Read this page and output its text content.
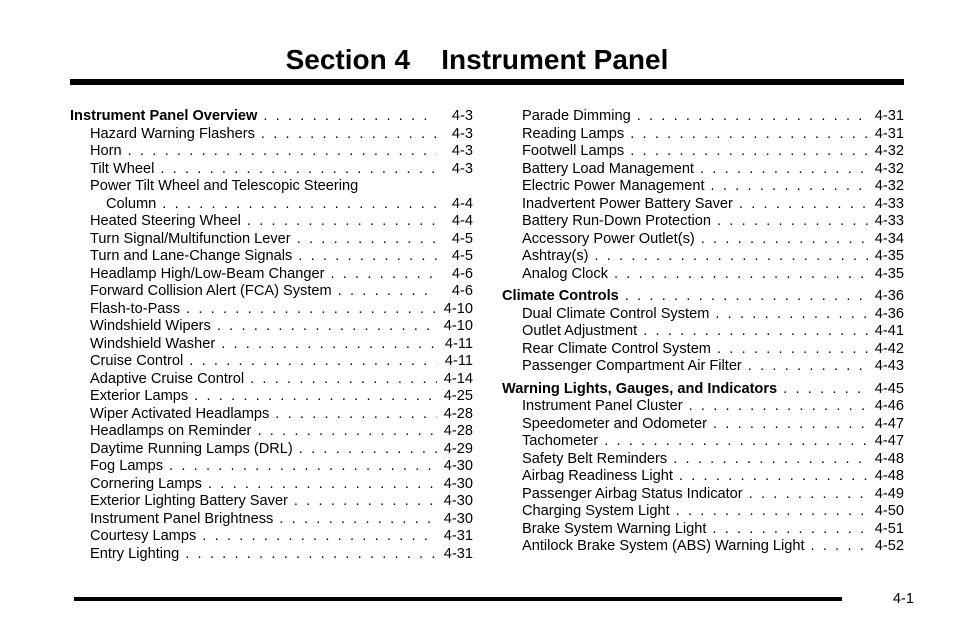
Section 4    Instrument Panel
Instrument Panel Overview . . .	4-3
Hazard Warning Flashers . . .	4-3
Horn . . .	4-3
Tilt Wheel . . .	4-3
Power Tilt Wheel and Telescopic Steering
Column . . .	4-4
Heated Steering Wheel . . .	4-4
Turn Signal/Multifunction Lever . . .	4-5
Turn and Lane-Change Signals . . .	4-5
Headlamp High/Low-Beam Changer . . .	4-6
Forward Collision Alert (FCA) System . . .	4-6
Flash-to-Pass . . .	4-10
Windshield Wipers . . .	4-10
Windshield Washer . . .	4-11
Cruise Control . . .	4-11
Adaptive Cruise Control . . .	4-14
Exterior Lamps . . .	4-25
Wiper Activated Headlamps . . .	4-28
Headlamps on Reminder . . .	4-28
Daytime Running Lamps (DRL) . . .	4-29
Fog Lamps . . .	4-30
Cornering Lamps . . .	4-30
Exterior Lighting Battery Saver . . .	4-30
Instrument Panel Brightness . . .	4-30
Courtesy Lamps . . .	4-31
Entry Lighting . . .	4-31
Parade Dimming . . .	4-31
Reading Lamps . . .	4-31
Footwell Lamps . . .	4-32
Battery Load Management . . .	4-32
Electric Power Management . . .	4-32
Inadvertent Power Battery Saver . . .	4-33
Battery Run-Down Protection . . .	4-33
Accessory Power Outlet(s) . . .	4-34
Ashtray(s) . . .	4-35
Analog Clock . . .	4-35
Climate Controls . . .	4-36
Dual Climate Control System . . .	4-36
Outlet Adjustment . . .	4-41
Rear Climate Control System . . .	4-42
Passenger Compartment Air Filter . . .	4-43
Warning Lights, Gauges, and Indicators . . .	4-45
Instrument Panel Cluster . . .	4-46
Speedometer and Odometer . . .	4-47
Tachometer . . .	4-47
Safety Belt Reminders . . .	4-48
Airbag Readiness Light . . .	4-48
Passenger Airbag Status Indicator . . .	4-49
Charging System Light . . .	4-50
Brake System Warning Light . . .	4-51
Antilock Brake System (ABS) Warning Light . . .	4-52
4-1
